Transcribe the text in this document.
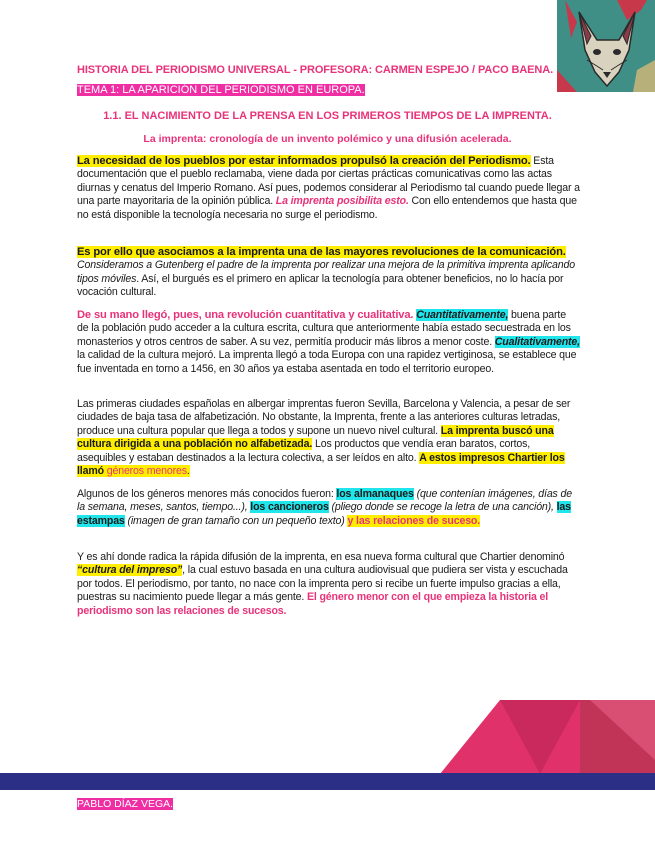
HISTORIA DEL PERIODISMO UNIVERSAL - PROFESORA: CARMEN ESPEJO / PACO BAENA.
TEMA 1: LA APARICIÓN DEL PERIODISMO EN EUROPA.
1.1. EL NACIMIENTO DE LA PRENSA EN LOS PRIMEROS TIEMPOS DE LA IMPRENTA.
La imprenta: cronología de un invento polémico y una difusión acelerada.
La necesidad de los pueblos por estar informados propulsó la creación del Periodismo. Esta documentación que el pueblo reclamaba, viene dada por ciertas prácticas comunicativas como las actas diurnas y cenatus del Imperio Romano. Así pues, podemos considerar al Periodismo tal cuando puede llegar a una parte mayoritaria de la opinión pública. La imprenta posibilita esto. Con ello entendemos que hasta que no está disponible la tecnología necesaria no surge el periodismo.
Es por ello que asociamos a la imprenta una de las mayores revoluciones de la comunicación. Consideramos a Gutenberg el padre de la imprenta por realizar una mejora de la primitiva imprenta aplicando tipos móviles. Así, el burgués es el primero en aplicar la tecnología para obtener beneficios, no lo hacía por vocación cultural.
De su mano llegó, pues, una revolución cuantitativa y cualitativa. Cuantitativamente, buena parte de la población pudo acceder a la cultura escrita, cultura que anteriormente había estado secuestrada en los monasterios y otros centros de saber. A su vez, permitía producir más libros a menor coste. Cualitativamente, la calidad de la cultura mejoró. La imprenta llegó a toda Europa con una rapidez vertiginosa, se establece que fue inventada en torno a 1456, en 30 años ya estaba asentada en todo el territorio europeo.
Las primeras ciudades españolas en albergar imprentas fueron Sevilla, Barcelona y Valencia, a pesar de ser ciudades de baja tasa de alfabetización. No obstante, la Imprenta, frente a las anteriores culturas letradas, produce una cultura popular que llega a todos y supone un nuevo nivel cultural. La imprenta buscó una cultura dirigida a una población no alfabetizada. Los productos que vendía eran baratos, cortos, asequibles y estaban destinados a la lectura colectiva, a ser leídos en alto. A estos impresos Chartier los llamó géneros menores.
Algunos de los géneros menores más conocidos fueron: los almanaques (que contenían imágenes, días de la semana, meses, santos, tiempo...), los cancioneros (pliego donde se recoge la letra de una canción), las estampas (imagen de gran tamaño con un pequeño texto) y las relaciones de suceso.
Y es ahí donde radica la rápida difusión de la imprenta, en esa nueva forma cultural que Chartier denominó “cultura del impreso”, la cual estuvo basada en una cultura audiovisual que pudiera ser vista y escuchada por todos. El periodismo, por tanto, no nace con la imprenta pero si recibe un fuerte impulso gracias a ella, puestras su nacimiento puede llegar a más gente. El género menor con el que empieza la historia el periodismo son las relaciones de sucesos.
PABLO DÍAZ VEGA.
